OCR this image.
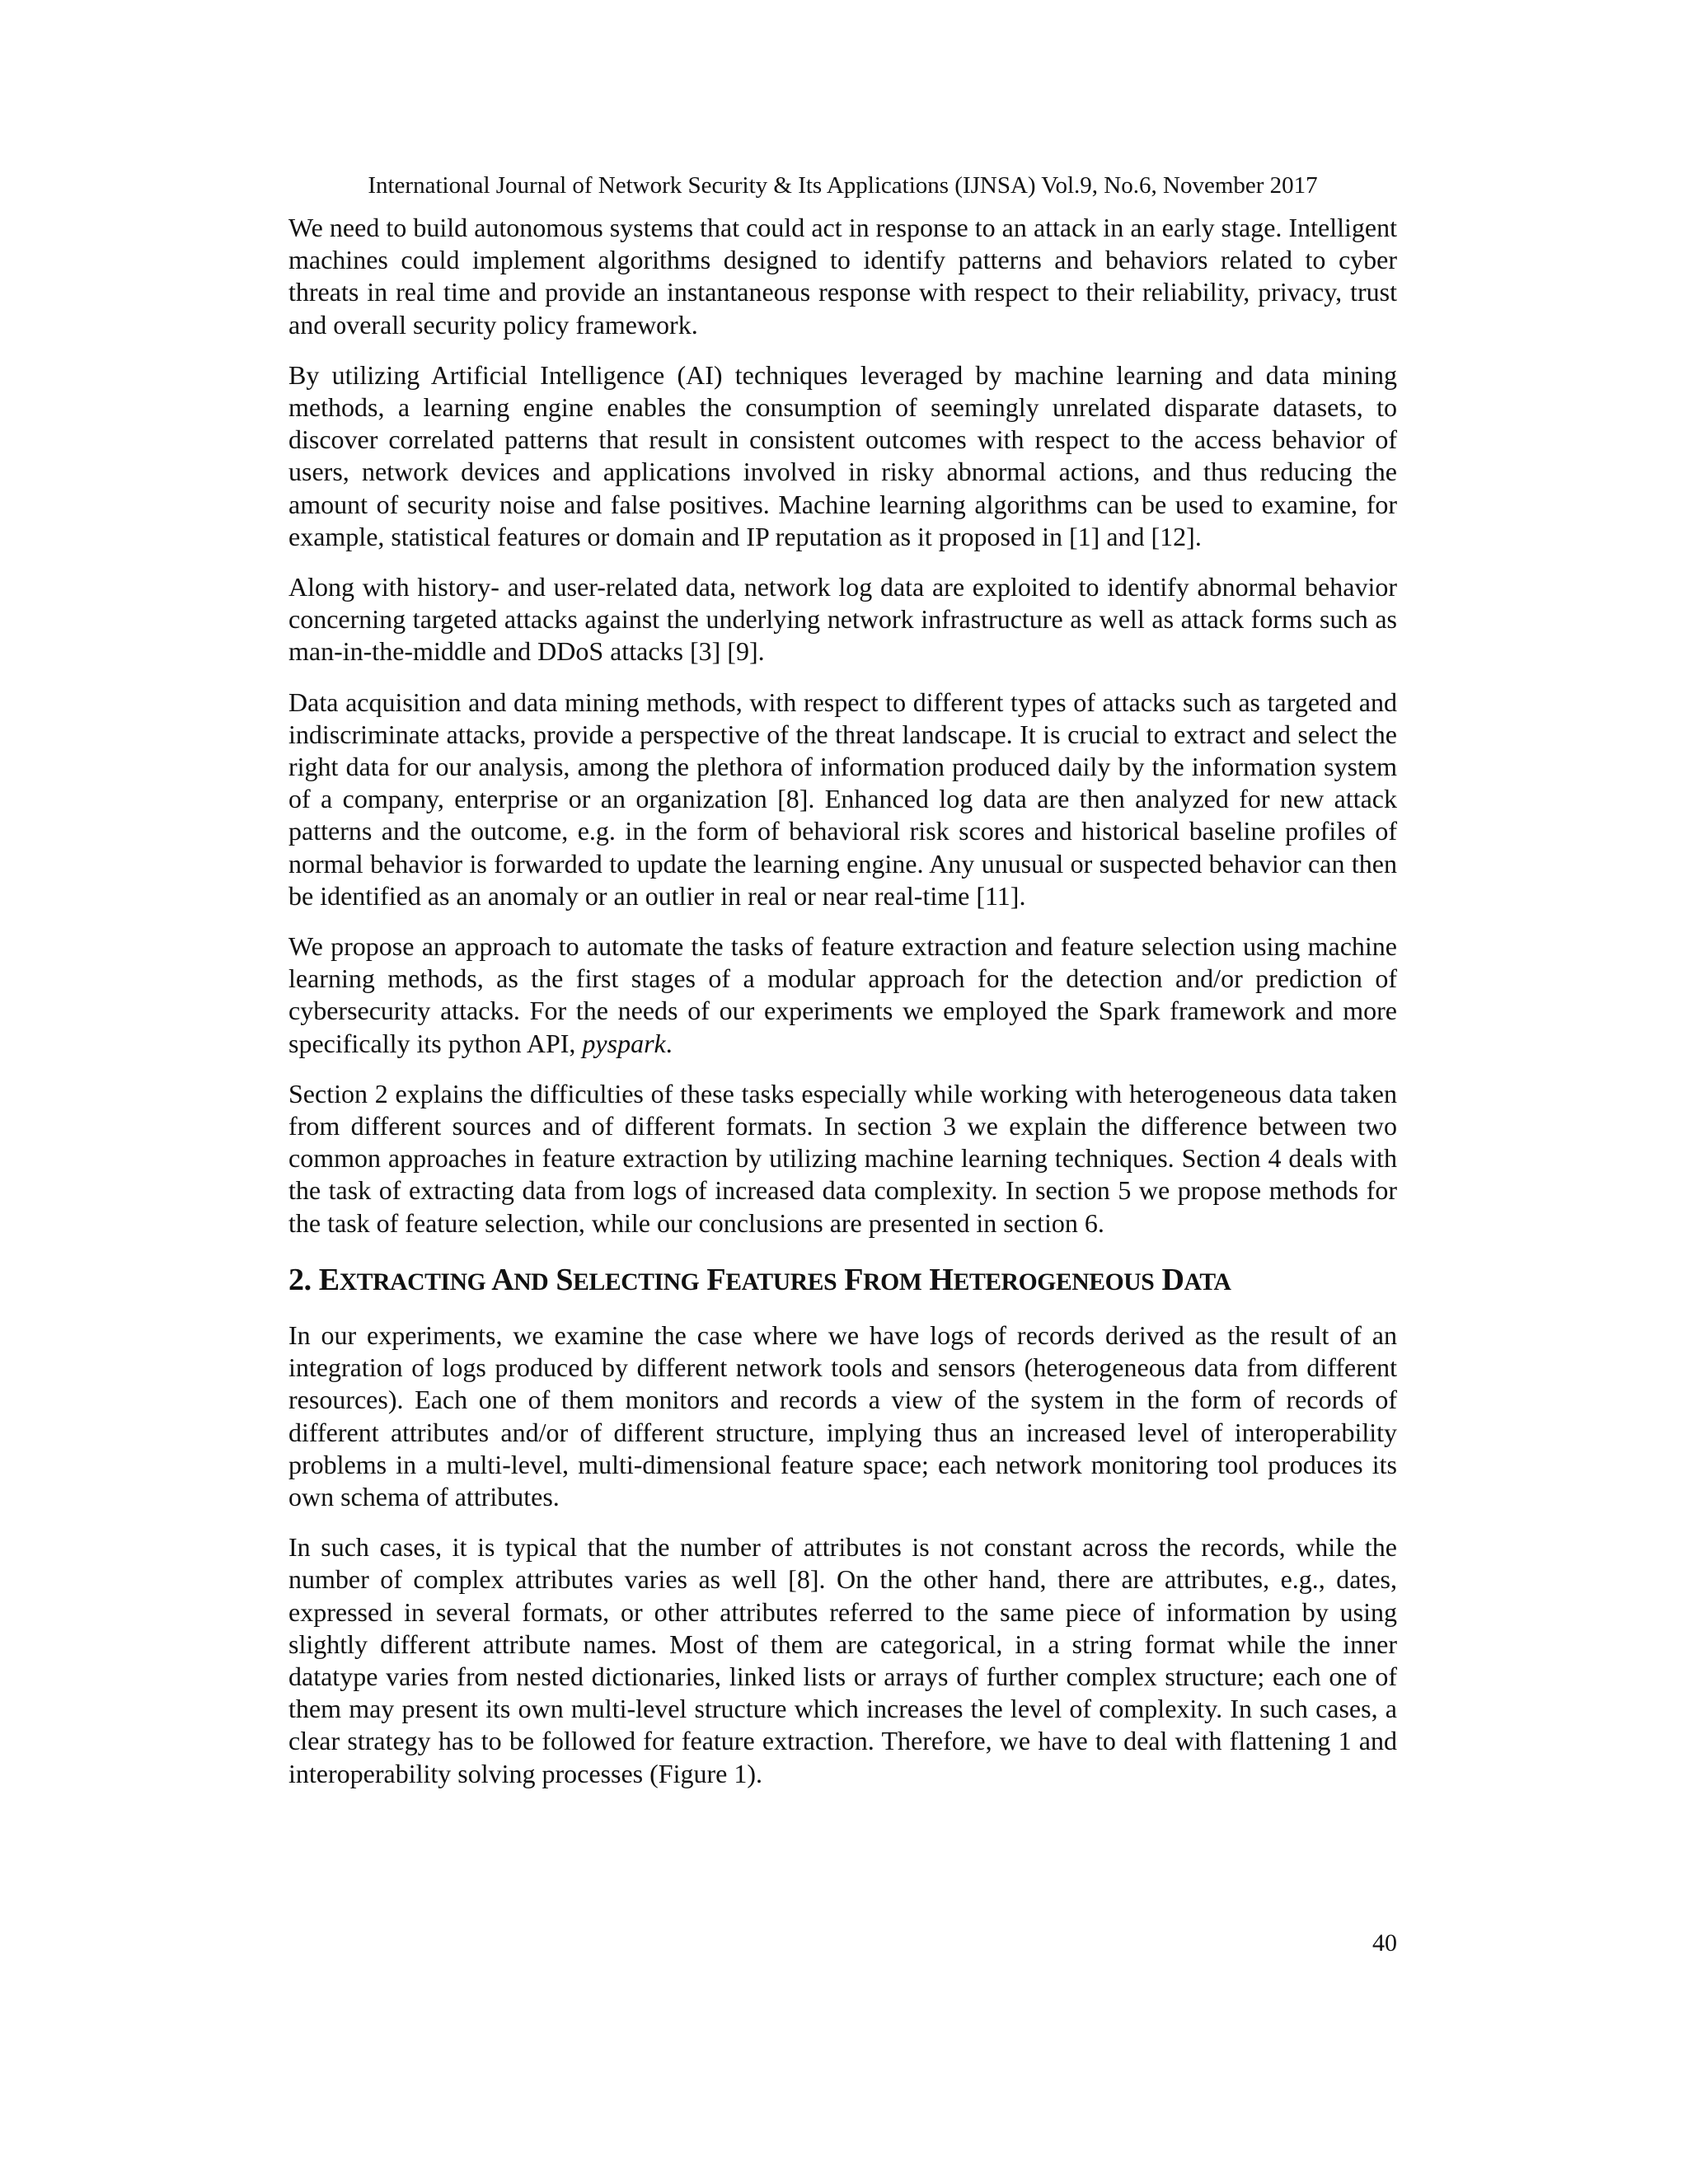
International Journal of Network Security & Its Applications (IJNSA) Vol.9, No.6, November 2017

We need to build autonomous systems that could act in response to an attack in an early stage. Intelligent machines could implement algorithms designed to identify patterns and behaviors related to cyber threats in real time and provide an instantaneous response with respect to their reliability, privacy, trust and overall security policy framework.

By utilizing Artificial Intelligence (AI) techniques leveraged by machine learning and data mining methods, a learning engine enables the consumption of seemingly unrelated disparate datasets, to discover correlated patterns that result in consistent outcomes with respect to the access behavior of users, network devices and applications involved in risky abnormal actions, and thus reducing the amount of security noise and false positives. Machine learning algorithms can be used to examine, for example, statistical features or domain and IP reputation as it proposed in [1] and [12].

Along with history- and user-related data, network log data are exploited to identify abnormal behavior concerning targeted attacks against the underlying network infrastructure as well as attack forms such as man-in-the-middle and DDoS attacks [3] [9].

Data acquisition and data mining methods, with respect to different types of attacks such as targeted and indiscriminate attacks, provide a perspective of the threat landscape. It is crucial to extract and select the right data for our analysis, among the plethora of information produced daily by the information system of a company, enterprise or an organization [8]. Enhanced log data are then analyzed for new attack patterns and the outcome, e.g. in the form of behavioral risk scores and historical baseline profiles of normal behavior is forwarded to update the learning engine. Any unusual or suspected behavior can then be identified as an anomaly or an outlier in real or near real-time [11].

We propose an approach to automate the tasks of feature extraction and feature selection using machine learning methods, as the first stages of a modular approach for the detection and/or prediction of cybersecurity attacks. For the needs of our experiments we employed the Spark framework and more specifically its python API, pyspark.

Section 2 explains the difficulties of these tasks especially while working with heterogeneous data taken from different sources and of different formats. In section 3 we explain the difference between two common approaches in feature extraction by utilizing machine learning techniques. Section 4 deals with the task of extracting data from logs of increased data complexity. In section 5 we propose methods for the task of feature selection, while our conclusions are presented in section 6.

2. EXTRACTING AND SELECTING FEATURES FROM HETEROGENEOUS DATA

In our experiments, we examine the case where we have logs of records derived as the result of an integration of logs produced by different network tools and sensors (heterogeneous data from different resources). Each one of them monitors and records a view of the system in the form of records of different attributes and/or of different structure, implying thus an increased level of interoperability problems in a multi-level, multi-dimensional feature space; each network monitoring tool produces its own schema of attributes.

In such cases, it is typical that the number of attributes is not constant across the records, while the number of complex attributes varies as well [8]. On the other hand, there are attributes, e.g., dates, expressed in several formats, or other attributes referred to the same piece of information by using slightly different attribute names. Most of them are categorical, in a string format while the inner datatype varies from nested dictionaries, linked lists or arrays of further complex structure; each one of them may present its own multi-level structure which increases the level of complexity. In such cases, a clear strategy has to be followed for feature extraction. Therefore, we have to deal with flattening 1 and interoperability solving processes (Figure 1).

40
